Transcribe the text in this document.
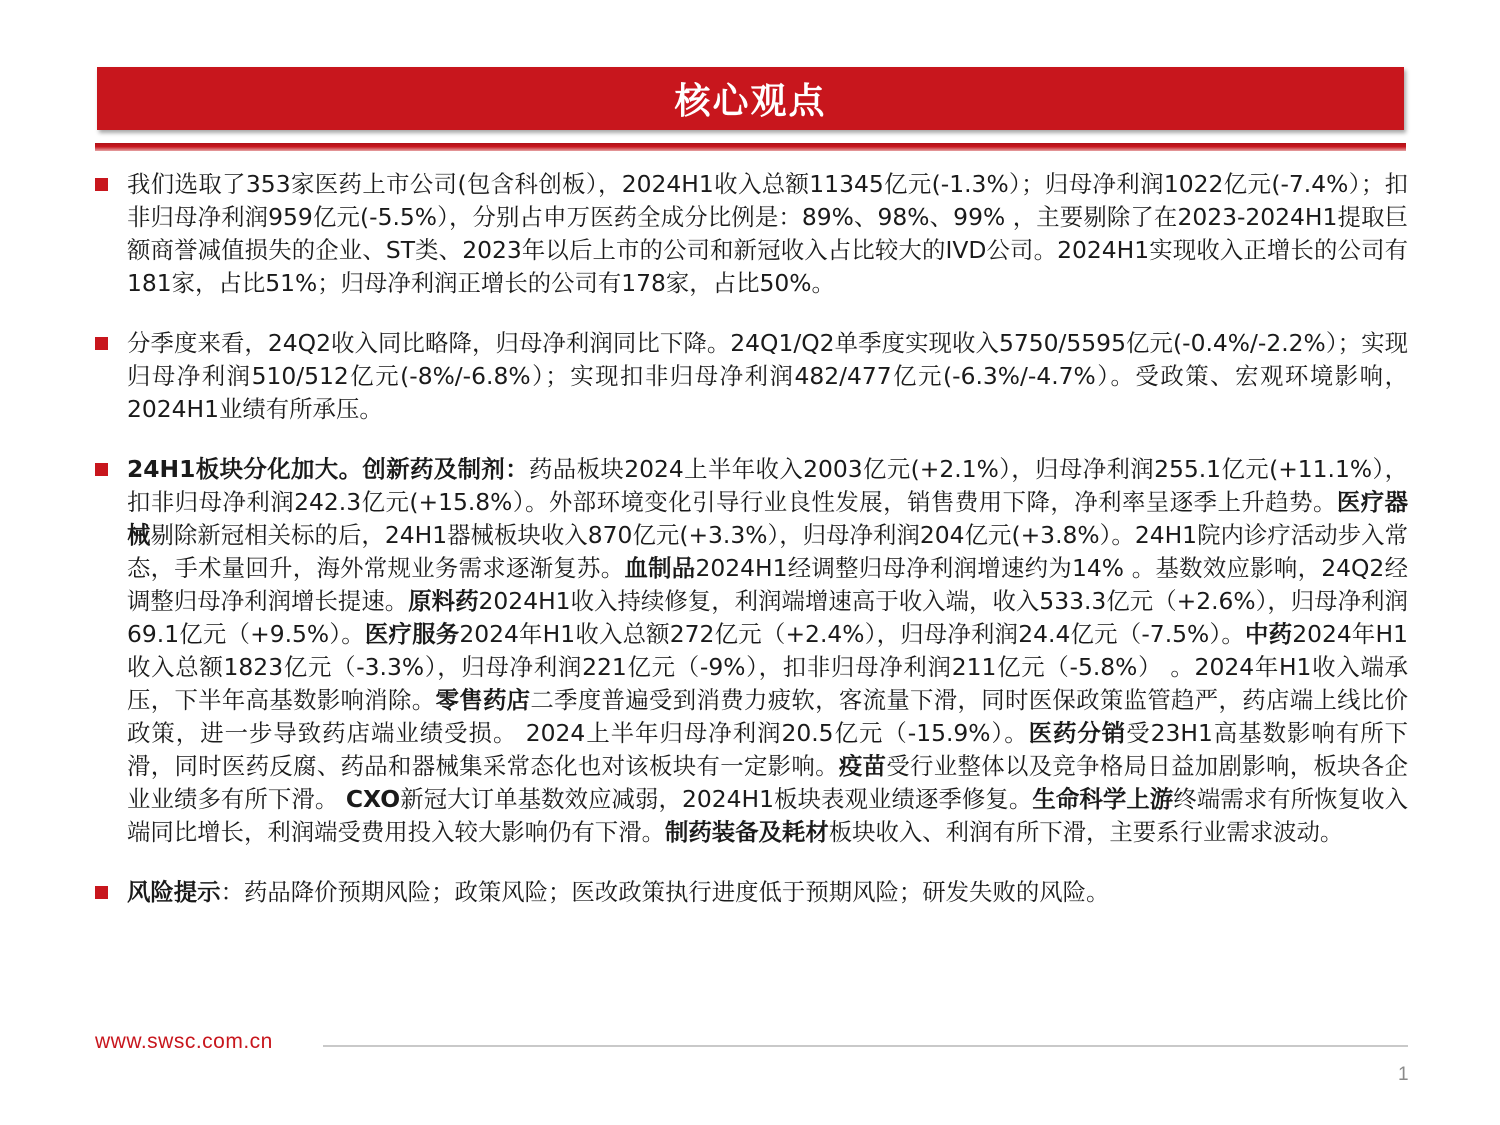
核心观点
我们选取了353家医药上市公司(包含科创板），2024H1收入总额11345亿元(-1.3%）；归母净利润1022亿元(-7.4%）；扣非归母净利润959亿元(-5.5%），分别占申万医药全成分比例是：89%、98%、99% ，主要剔除了在2023-2024H1提取巨额商誉减值损失的企业、ST类、2023年以后上市的公司和新冠收入占比较大的IVD公司。2024H1实现收入正增长的公司有181家，占比51%；归母净利润正增长的公司有178家，占比50%。
分季度来看，24Q2收入同比略降，归母净利润同比下降。24Q1/Q2单季度实现收入5750/5595亿元(-0.4%/-2.2%）；实现归母净利润510/512亿元(-8%/-6.8%）；实现扣非归母净利润482/477亿元(-6.3%/-4.7%）。受政策、宏观环境影响，2024H1业绩有所承压。
24H1板块分化加大。创新药及制剂：药品板块2024上半年收入2003亿元(+2.1%），归母净利润255.1亿元(+11.1%），扣非归母净利润242.3亿元(+15.8%）。外部环境变化引导行业良性发展，销售费用下降，净利率呈逐季上升趋势。医疗器械剔除新冠相关标的后，24H1器械板块收入870亿元(+3.3%），归母净利润204亿元(+3.8%）。24H1院内诊疗活动步入常态，手术量回升，海外常规业务需求逐渐复苏。血制品2024H1经调整归母净利润增速约为14% 。基数效应影响，24Q2经调整归母净利润增长提速。原料药2024H1收入持续修复，利润端增速高于收入端，收入533.3亿元（+2.6%），归母净利润69.1亿元（+9.5%）。医疗服务2024年H1收入总额272亿元（+2.4%），归母净利润24.4亿元（-7.5%）。中药2024年H1收入总额1823亿元（-3.3%），归母净利润221亿元（-9%），扣非归母净利润211亿元（-5.8%） 。2024年H1收入端承压，下半年高基数影响消除。零售药店二季度普遍受到消费力疲软，客流量下滑，同时医保政策监管趋严，药店端上线比价政策，进一步导致药店端业绩受损。 2024上半年归母净利润20.5亿元（-15.9%）。医药分销受23H1高基数影响有所下滑，同时医药反腐、药品和器械集采常态化也对该板块有一定影响。疫苗受行业整体以及竞争格局日益加剧影响，板块各企业业绩多有所下滑。 CXO新冠大订单基数效应减弱，2024H1板块表观业绩逐季修复。生命科学上游终端需求有所恢复收入端同比增长，利润端受费用投入较大影响仍有下滑。制药装备及耗材板块收入、利润有所下滑，主要系行业需求波动。
风险提示：药品降价预期风险；政策风险；医改政策执行进度低于预期风险；研发失败的风险。
www.swsc.com.cn
1
